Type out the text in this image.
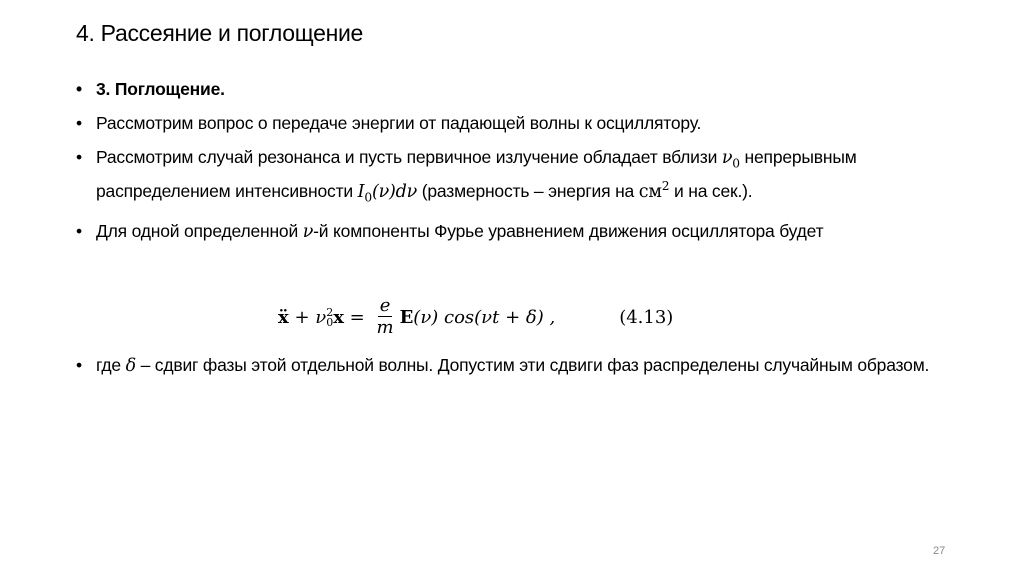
4. Рассеяние и поглощение
• 3. Поглощение.
• Рассмотрим вопрос о передаче энергии от падающей волны к осциллятору.
• Рассмотрим случай резонанса и пусть первичное излучение обладает вблизи $\nu_0$ непрерывным распределением интенсивности $I_0(\nu)d\nu$ (размерность – энергия на $см^2$ и на сек.).
• Для одной определенной ν-й компоненты Фурье уравнением движения осциллятора будет
ẍ + ν 2
0 $x = \frac{e}{m}$ E (ν) cos(νt + δ) ,	(4.13)
• где δ – сдвиг фазы этой отдельной волны. Допустим эти сдвиги фаз распределены случайным образом.
27
